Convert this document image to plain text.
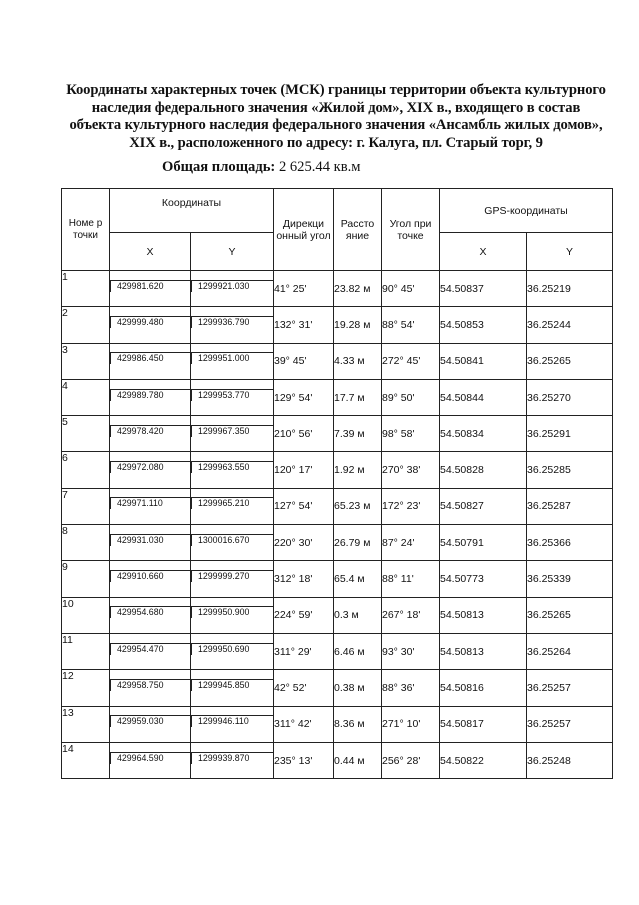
Координаты характерных точек (МСК) границы территории объекта культурного наследия федерального значения «Жилой дом», XIX в., входящего в состав объекта культурного наследия федерального значения «Ансамбль жилых домов», XIX в., расположенного по адресу: г. Калуга, пл. Старый торг, 9
Общая площадь: 2 625.44 кв.м
Номе р точки	Координаты		Дирекци онный угол	Рассто яние	Угол при точке	GPS-координаты	
	X	Y				X	Y
1	429981.620	1299921.030	41° 25'	23.82 м	90° 45'	54.50837	36.25219
2	429999.480	1299936.790	132° 31'	19.28 м	88° 54'	54.50853	36.25244
3	429986.450	1299951.000	39° 45'	4.33 м	272° 45'	54.50841	36.25265
4	429989.780	1299953.770	129° 54'	17.7 м	89° 50'	54.50844	36.25270
5	429978.420	1299967.350	210° 56'	7.39 м	98° 58'	54.50834	36.25291
6	429972.080	1299963.550	120° 17'	1.92 м	270° 38'	54.50828	36.25285
7	429971.110	1299965.210	127° 54'	65.23 м	172° 23'	54.50827	36.25287
8	429931.030	1300016.670	220° 30'	26.79 м	87° 24'	54.50791	36.25366
9	429910.660	1299999.270	312° 18'	65.4 м	88° 11'	54.50773	36.25339
10	429954.680	1299950.900	224° 59'	0.3 м	267° 18'	54.50813	36.25265
11	429954.470	1299950.690	311° 29'	6.46 м	93° 30'	54.50813	36.25264
12	429958.750	1299945.850	42° 52'	0.38 м	88° 36'	54.50816	36.25257
13	429959.030	1299946.110	311° 42'	8.36 м	271° 10'	54.50817	36.25257
14	429964.590	1299939.870	235° 13'	0.44 м	256° 28'	54.50822	36.25248
